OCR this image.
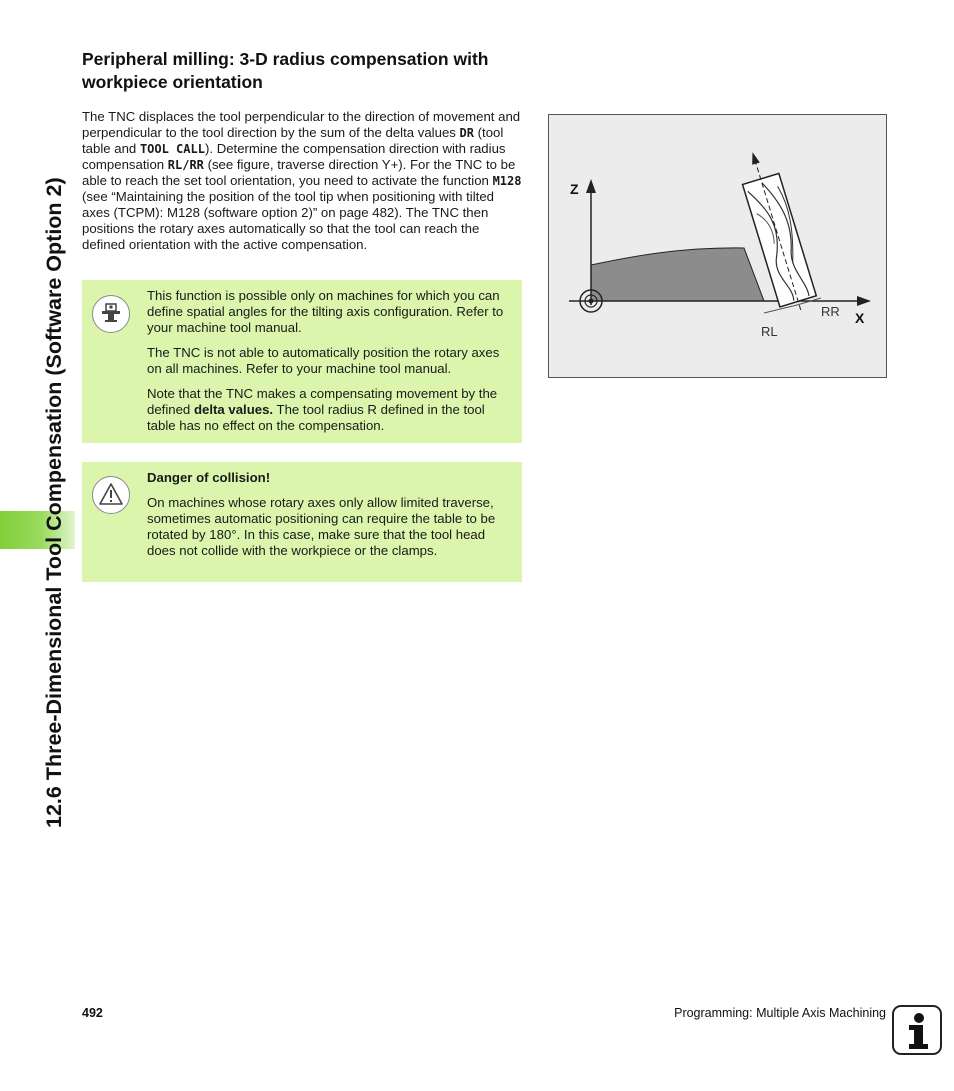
12.6 Three-Dimensional Tool Compensation (Software Option 2)
Peripheral milling: 3-D radius compensation with workpiece orientation

The TNC displaces the tool perpendicular to the direction of movement and perpendicular to the tool direction by the sum of the delta values DR (tool table and TOOL CALL). Determine the compensation direction with radius compensation RL/RR (see figure, traverse direction Y+). For the TNC to be able to reach the set tool orientation, you need to activate the function M128 (see “Maintaining the position of the tool tip when positioning with tilted axes (TCPM): M128 (software option 2)” on page 482). The TNC then positions the rotary axes automatically so that the tool can reach the defined orientation with the active compensation.

This function is possible only on machines for which you can define spatial angles for the tilting axis configuration. Refer to your machine tool manual.

The TNC is not able to automatically position the rotary axes on all machines. Refer to your machine tool manual.

Note that the TNC makes a compensating movement by the defined delta values. The tool radius R defined in the tool table has no effect on the compensation.

Danger of collision!

On machines whose rotary axes only allow limited traverse, sometimes automatic positioning can require the table to be rotated by 180°. In this case, make sure that the tool head does not collide with the workpiece or the clamps.

Z
X
RR
RL
492	Programming: Multiple Axis Machining
